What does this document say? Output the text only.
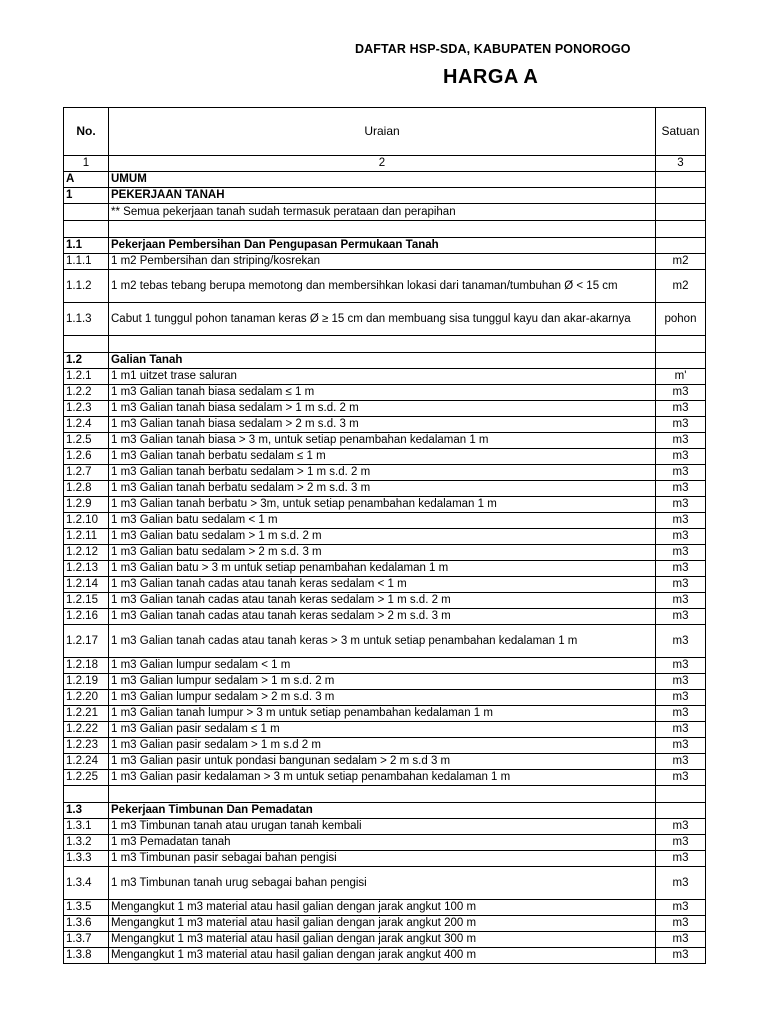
DAFTAR HSP-SDA, KABUPATEN PONOROGO
HARGA A
No.	Uraian	Satuan
1	2	3
A	UMUM	
1	PEKERJAAN TANAH	
	** Semua pekerjaan tanah sudah termasuk perataan dan perapihan	

1.1	Pekerjaan Pembersihan Dan Pengupasan Permukaan Tanah	
1.1.1	1 m2 Pembersihan dan striping/kosrekan	m2
1.1.2	1 m2 tebas tebang berupa memotong dan membersihkan lokasi dari tanaman/tumbuhan Ø < 15 cm	m2
1.1.3	Cabut 1 tunggul pohon tanaman keras Ø ≥ 15 cm dan membuang sisa tunggul kayu dan akar-akarnya	pohon

1.2	Galian Tanah	
1.2.1	1 m1 uitzet trase saluran	m'
1.2.2	1 m3 Galian tanah biasa sedalam ≤ 1 m	m3
1.2.3	1 m3 Galian tanah biasa sedalam > 1 m s.d. 2 m	m3
1.2.4	1 m3 Galian tanah biasa sedalam > 2 m s.d. 3 m	m3
1.2.5	1 m3 Galian tanah biasa > 3 m, untuk setiap penambahan kedalaman 1 m	m3
1.2.6	1 m3 Galian tanah berbatu sedalam ≤ 1 m	m3
1.2.7	1 m3 Galian tanah berbatu sedalam > 1 m s.d. 2 m	m3
1.2.8	1 m3 Galian tanah berbatu sedalam > 2 m s.d. 3 m	m3
1.2.9	1 m3 Galian tanah berbatu > 3m, untuk setiap penambahan kedalaman 1 m	m3
1.2.10	1 m3 Galian batu sedalam < 1 m	m3
1.2.11	1 m3 Galian batu sedalam > 1 m s.d. 2 m	m3
1.2.12	1 m3 Galian batu sedalam > 2 m s.d. 3 m	m3
1.2.13	1 m3 Galian batu > 3 m untuk setiap penambahan kedalaman 1 m	m3
1.2.14	1 m3 Galian tanah cadas atau tanah keras sedalam < 1 m	m3
1.2.15	1 m3 Galian tanah cadas atau tanah keras sedalam > 1 m s.d. 2 m	m3
1.2.16	1 m3 Galian tanah cadas atau tanah keras sedalam > 2 m s.d. 3 m	m3
1.2.17	1 m3 Galian tanah cadas atau tanah keras > 3 m untuk setiap penambahan kedalaman 1 m	m3
1.2.18	1 m3 Galian lumpur sedalam < 1 m	m3
1.2.19	1 m3 Galian lumpur sedalam > 1 m s.d. 2 m	m3
1.2.20	1 m3 Galian lumpur sedalam > 2 m s.d. 3 m	m3
1.2.21	1 m3 Galian tanah lumpur > 3 m untuk setiap penambahan kedalaman 1 m	m3
1.2.22	1 m3 Galian pasir sedalam ≤ 1 m	m3
1.2.23	1 m3 Galian pasir sedalam > 1 m s.d 2 m	m3
1.2.24	1 m3 Galian pasir untuk pondasi bangunan sedalam > 2 m s.d 3 m	m3
1.2.25	1 m3 Galian pasir kedalaman > 3 m untuk setiap penambahan kedalaman 1 m	m3

1.3	Pekerjaan Timbunan Dan Pemadatan	
1.3.1	1 m3 Timbunan tanah atau urugan tanah kembali	m3
1.3.2	1 m3 Pemadatan tanah	m3
1.3.3	1 m3 Timbunan pasir sebagai bahan pengisi	m3
1.3.4	1 m3 Timbunan tanah urug sebagai bahan pengisi	m3
1.3.5	Mengangkut 1 m3 material atau hasil galian dengan jarak angkut 100 m	m3
1.3.6	Mengangkut 1 m3 material atau hasil galian dengan jarak angkut 200 m	m3
1.3.7	Mengangkut 1 m3 material atau hasil galian dengan jarak angkut 300 m	m3
1.3.8	Mengangkut 1 m3 material atau hasil galian dengan jarak angkut 400 m	m3
